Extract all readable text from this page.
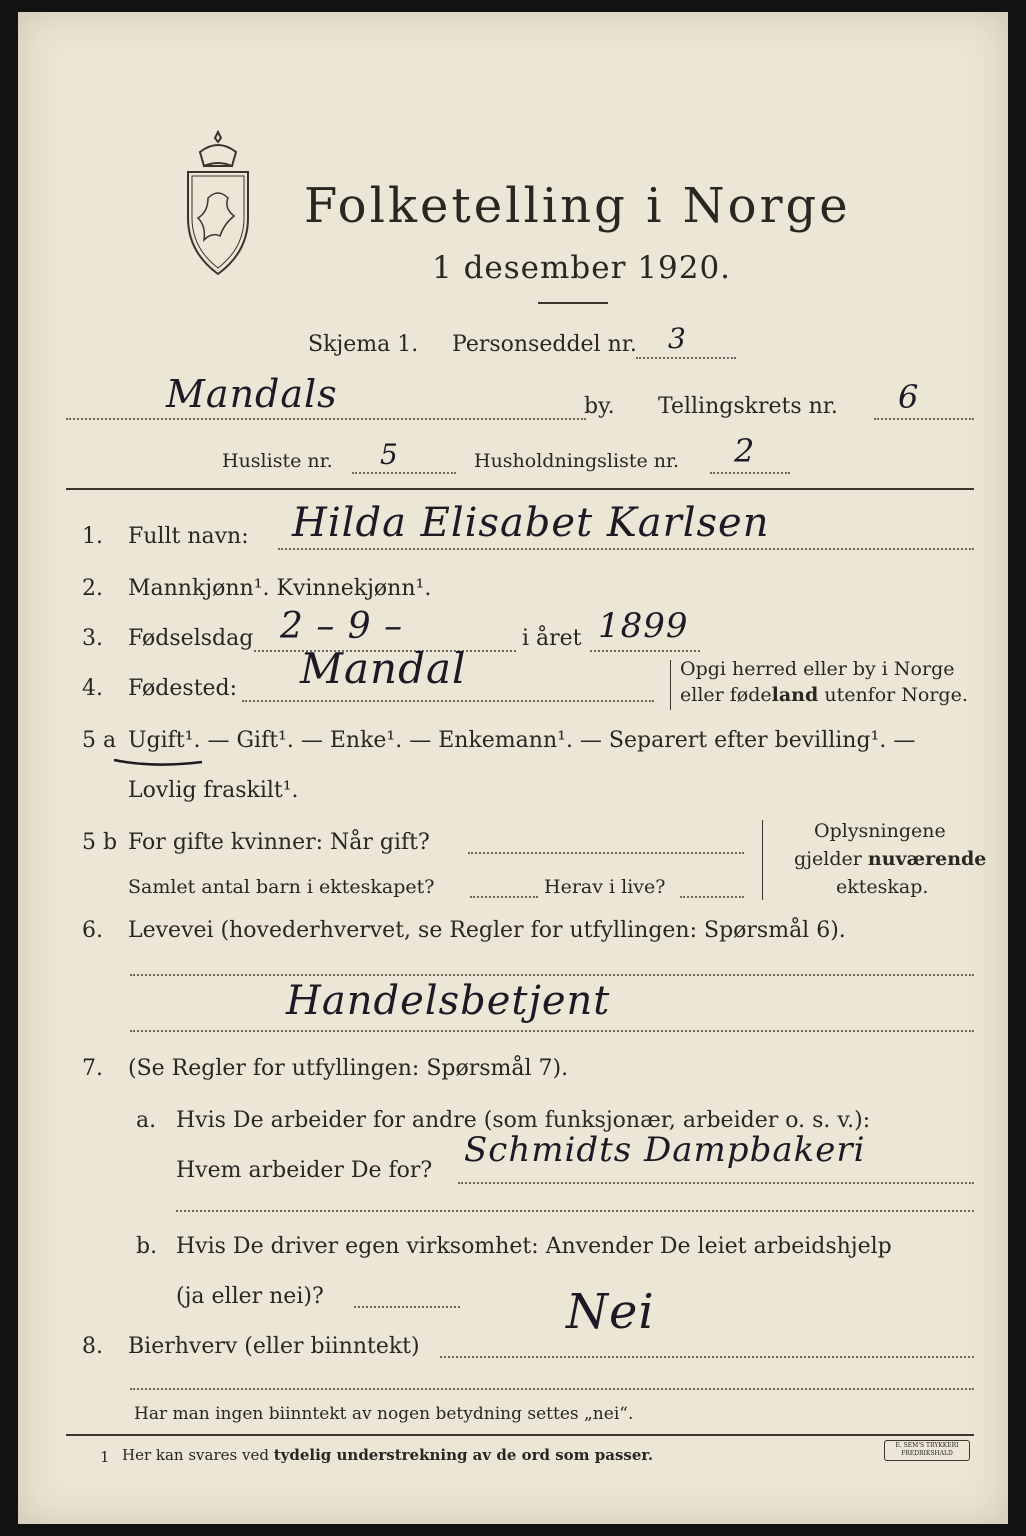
Folketelling i Norge
1 desember 1920.
Skjema 1. Personseddel nr. 3
Mandals	by. Tellingskrets nr. 6
Husliste nr. 5	Husholdningsliste nr. 2
1. Fullt navn: Hilda Elisabet Karlsen
2. Mannkjønn¹. Kvinnekjønn¹.
3. Fødselsdag 2 – 9 –	i året 1899
4. Fødested: Mandal	Opgi herred eller by i Norge
eller fødeland utenfor Norge.
5 a Ugift¹. — Gift¹. — Enke¹. — Enkemann¹. — Separert efter bevilling¹. —
Lovlig fraskilt¹.
5 b For gifte kvinner: Når gift?
Samlet antal barn i ekteskapet?	Herav i live?
Oplysningene
gjelder nuværende
ekteskap.
6. Levevei (hovederhvervet, se Regler for utfyllingen: Spørsmål 6).
Handelsbetjent
7. (Se Regler for utfyllingen: Spørsmål 7).
a. Hvis De arbeider for andre (som funksjonær, arbeider o. s. v.):
Hvem arbeider De for?
Schmidts Dampbakeri
b. Hvis De driver egen virksomhet: Anvender De leiet arbeidshjelp
(ja eller nei)?
8. Bierhverv (eller biinntekt)
Nei
Har man ingen biinntekt av nogen betydning settes „nei“.
1 Her kan svares ved tydelig understrekning av de ord som passer.
E. SEM'S TRYKKERI
FREDRIKSHALD
